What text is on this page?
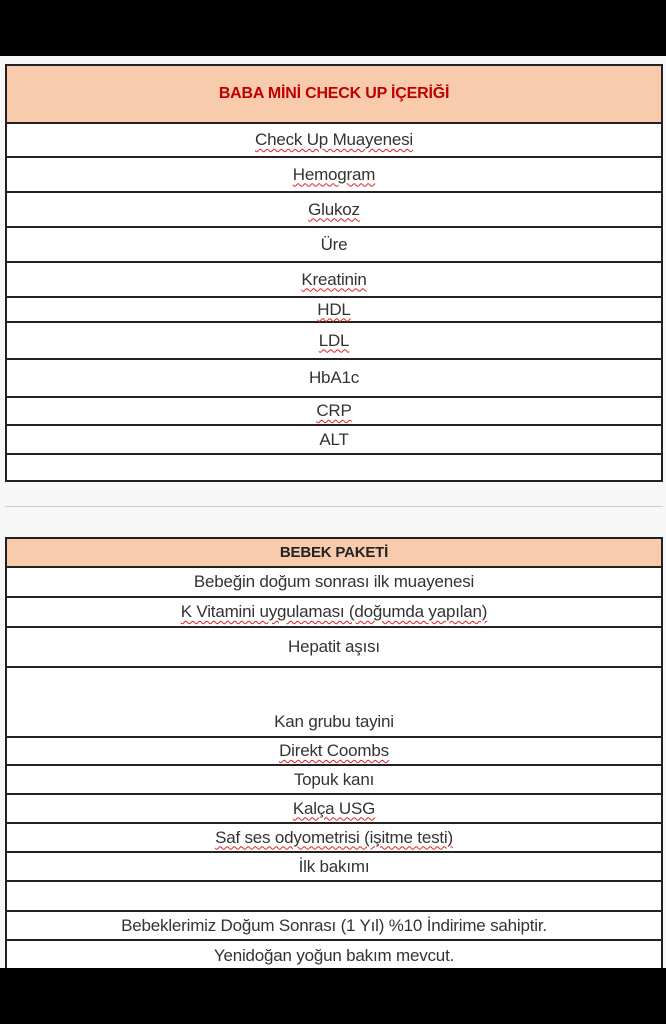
BABA MİNİ CHECK UP İÇERİĞİ
Check Up Muayenesi
Hemogram
Glukoz
Üre
Kreatinin
HDL
LDL
HbA1c
CRP
ALT
BEBEK PAKETİ
Bebeğin doğum sonrası ilk muayenesi
K Vitamini uygulaması (doğumda yapılan)
Hepatit aşısı
Kan grubu tayini
Direkt Coombs
Topuk kanı
Kalça USG
Saf ses odyometrisi (işitme testi)
İlk bakımı
Bebeklerimiz Doğum Sonrası (1 Yıl) %10 İndirime sahiptir.
Yenidoğan yoğun bakım mevcut.
